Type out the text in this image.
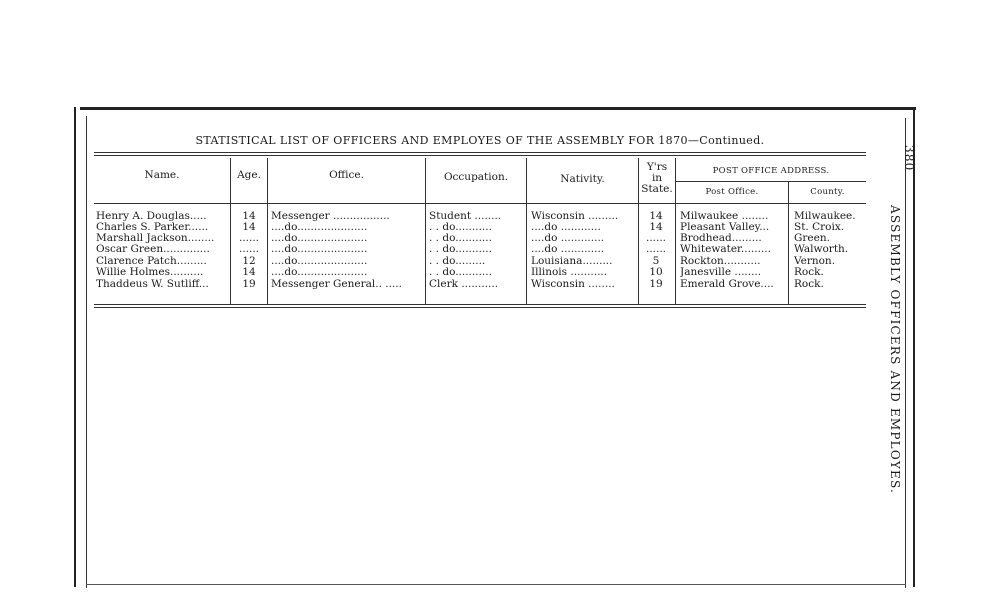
STATISTICAL LIST OF OFFICERS AND EMPLOYES OF THE ASSEMBLY FOR 1870—Continued.
Name.	Age.	Office.	Occupation.	Nativity.
Y'rs
in
State.
POST OFFICE ADDRESS.
Post Office.	County.
Henry A. Douglas.....	14	Messenger .................	Student ........	Wisconsin .........	14	Milwaukee ........	Milwaukee.
Charles S. Parker......	14	....do.....................	. . do...........	....do ............	14	Pleasant Valley...	St. Croix.
Marshall Jackson........	......	....do.....................	. . do...........	....do .............	......	Brodhead.........	Green.
Oscar Green..............	......	....do.....................	. . do...........	....do .............	......	Whitewater.........	Walworth.
Clarence Patch.........	12	....do.....................	. . do.........	Louisiana.........	5	Rockton...........	Vernon.
Willie Holmes..........	14	....do.....................	. . do...........	Illinois ...........	10	Janesville ........	Rock.
Thaddeus W. Sutliff...	19	Messenger General.. .....	Clerk ...........	Wisconsin ........	19	Emerald Grove....	Rock.
380
ASSEMBLY OFFICERS AND EMPLOYES.
